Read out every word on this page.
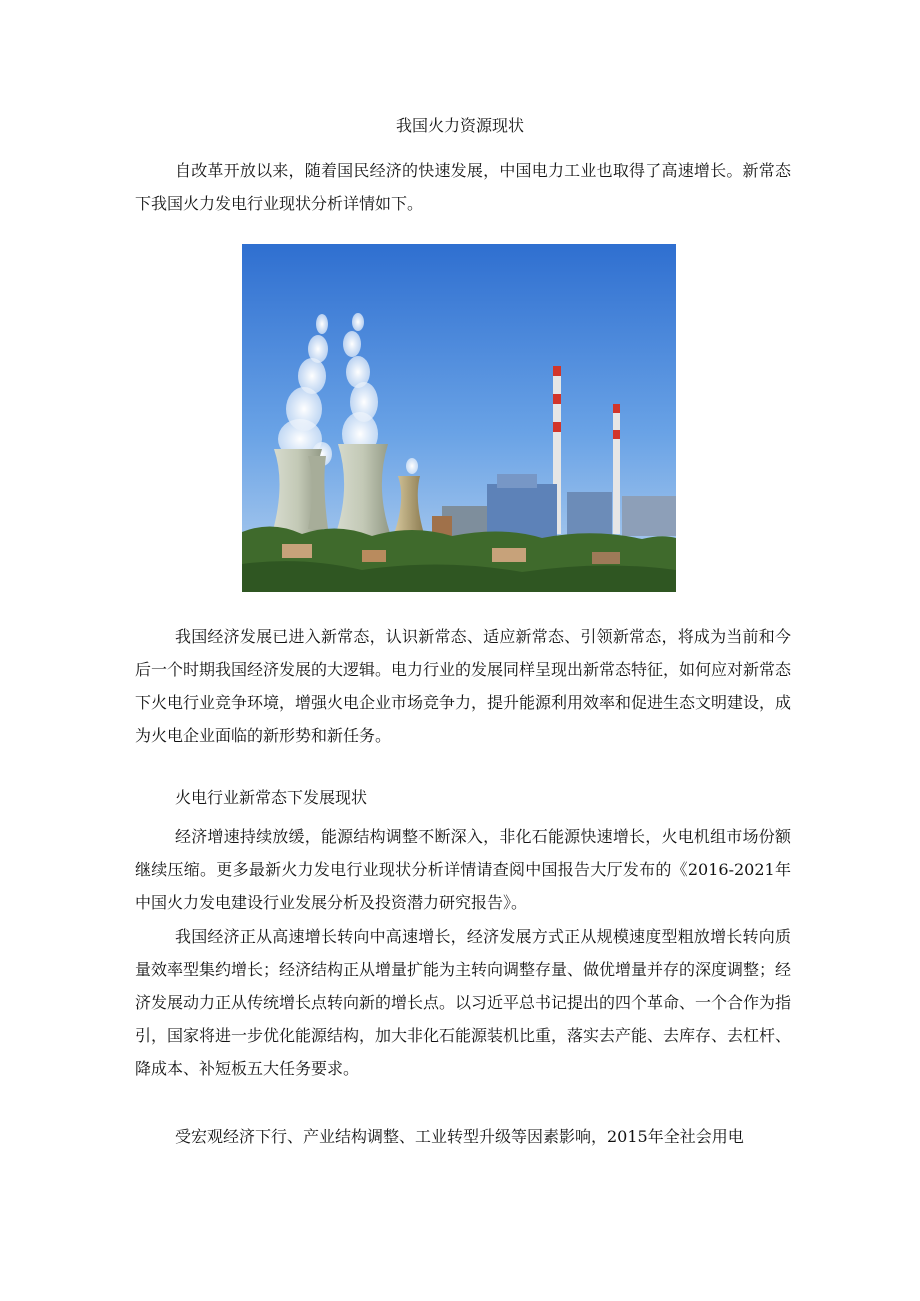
我国火力资源现状

自改革开放以来，随着国民经济的快速发展，中国电力工业也取得了高速增长。新常态下我国火力发电行业现状分析详情如下。

我国经济发展已进入新常态，认识新常态、适应新常态、引领新常态，将成为当前和今后一个时期我国经济发展的大逻辑。电力行业的发展同样呈现出新常态特征，如何应对新常态下火电行业竞争环境，增强火电企业市场竞争力，提升能源利用效率和促进生态文明建设，成为火电企业面临的新形势和新任务。

火电行业新常态下发展现状

经济增速持续放缓，能源结构调整不断深入，非化石能源快速增长，火电机组市场份额继续压缩。更多最新火力发电行业现状分析详情请查阅中国报告大厅发布的《2016-2021年中国火力发电建设行业发展分析及投资潜力研究报告》。

我国经济正从高速增长转向中高速增长，经济发展方式正从规模速度型粗放增长转向质量效率型集约增长；经济结构正从增量扩能为主转向调整存量、做优增量并存的深度调整；经济发展动力正从传统增长点转向新的增长点。以习近平总书记提出的四个革命、一个合作为指引，国家将进一步优化能源结构，加大非化石能源装机比重，落实去产能、去库存、去杠杆、降成本、补短板五大任务要求。

受宏观经济下行、产业结构调整、工业转型升级等因素影响，2015年全社会用电
